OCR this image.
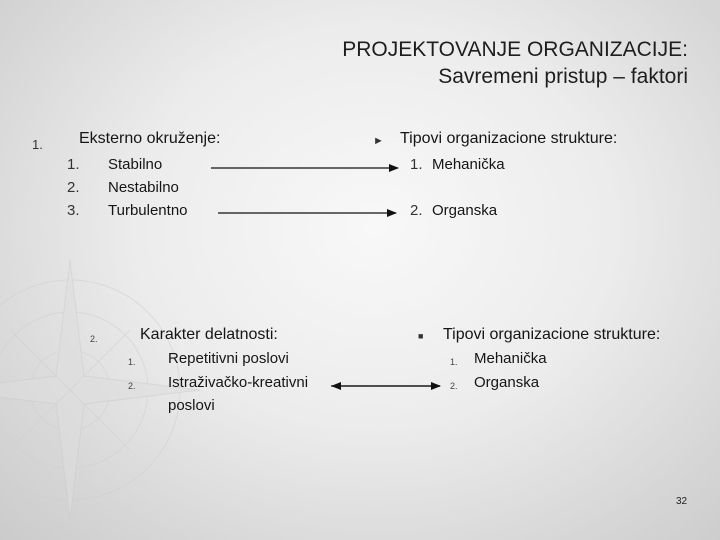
PROJEKTOVANJE ORGANIZACIJE:
Savremeni pristup – faktori
1. Eksterno okruženje:
1. Stabilno
2. Nestabilno
3. Turbulentno
► Tipovi organizacione strukture:
1. Mehanička
2. Organska
2.	Karakter delatnosti:
1. Repetitivni poslovi
2. Istraživačko-kreativni
poslovi
■ Tipovi organizacione strukture:
1. Mehanička
2. Organska
32
